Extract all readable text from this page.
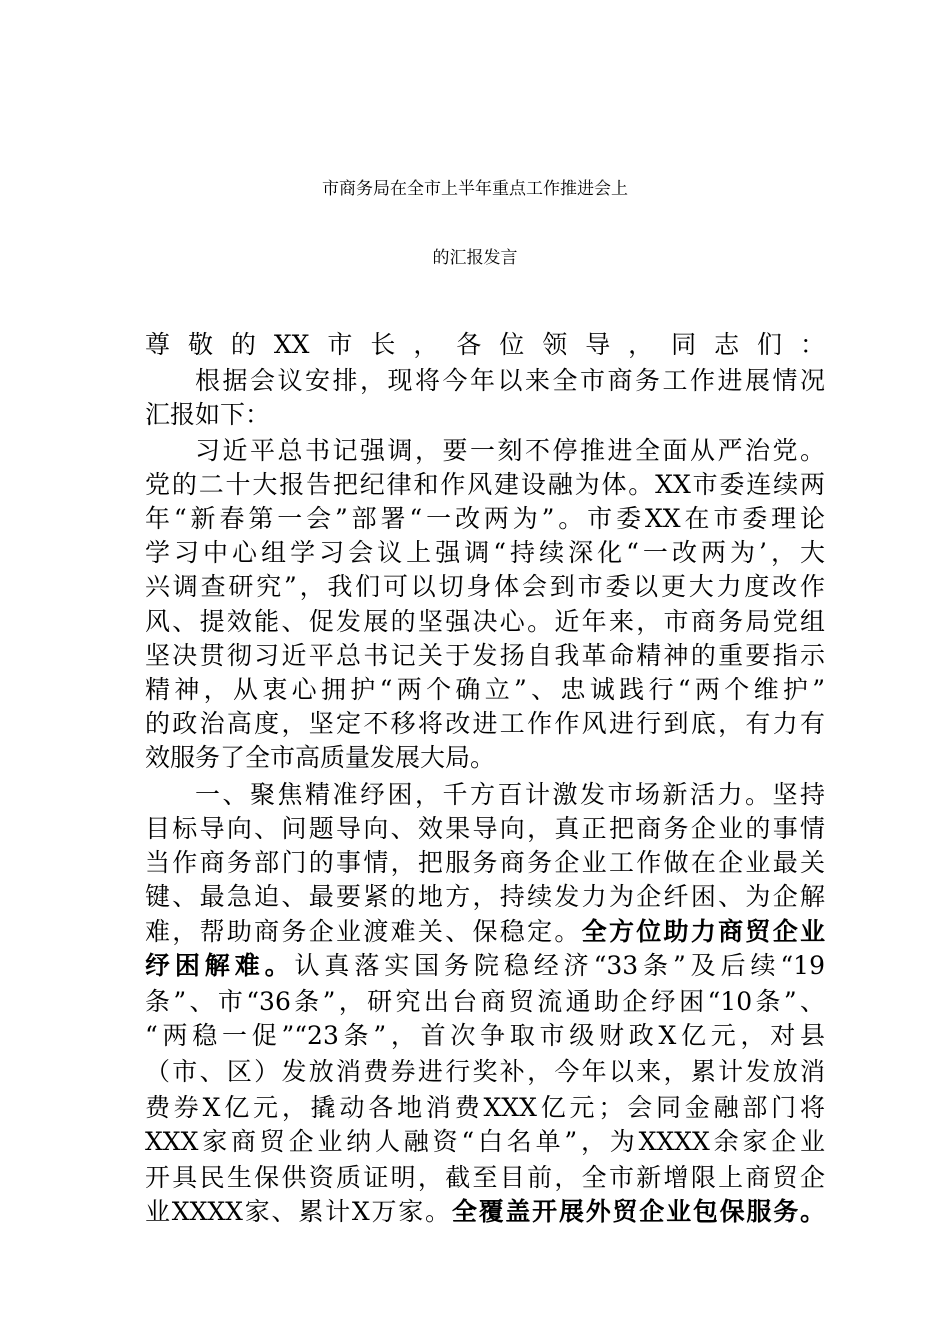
市商务局在全市上半年重点工作推进会上
的汇报发言
尊敬的XX市长，各位领导，同志们：
根据会议安排，现将今年以来全市商务工作进展情况
汇报如下：
习近平总书记强调，要一刻不停推进全面从严治党。
党的二十大报告把纪律和作风建设融为体。XX市委连续两
年“新春第一会”部署“一改两为”。市委XX在市委理论
学习中心组学习会议上强调“持续深化“一改两为’，大
兴调查研究”，我们可以切身体会到市委以更大力度改作
风、提效能、促发展的坚强决心。近年来，市商务局党组
坚决贯彻习近平总书记关于发扬自我革命精神的重要指示
精神，从衷心拥护“两个确立”、忠诚践行“两个维护”
的政治高度，坚定不移将改进工作作风进行到底，有力有
效服务了全市高质量发展大局。
一、聚焦精准纾困，千方百计激发市场新活力。坚持
目标导向、问题导向、效果导向，真正把商务企业的事情
当作商务部门的事情，把服务商务企业工作做在企业最关
键、最急迫、最要紧的地方，持续发力为企纤困、为企解
难，帮助商务企业渡难关、保稳定。全方位助力商贸企业
纾困解难。认真落实国务院稳经济“33条”及后续“19
条”、市“36条”，研究出台商贸流通助企纾困“10条”、
“两稳一促”“23条”，首次争取市级财政X亿元，对县
（市、区）发放消费券进行奖补，今年以来，累计发放消
费券X亿元，撬动各地消费XXX亿元；会同金融部门将
XXX家商贸企业纳人融资“白名单”，为XXXX余家企业
开具民生保供资质证明，截至目前，全市新增限上商贸企
业XXXX家、累计X万家。全覆盖开展外贸企业包保服务。
